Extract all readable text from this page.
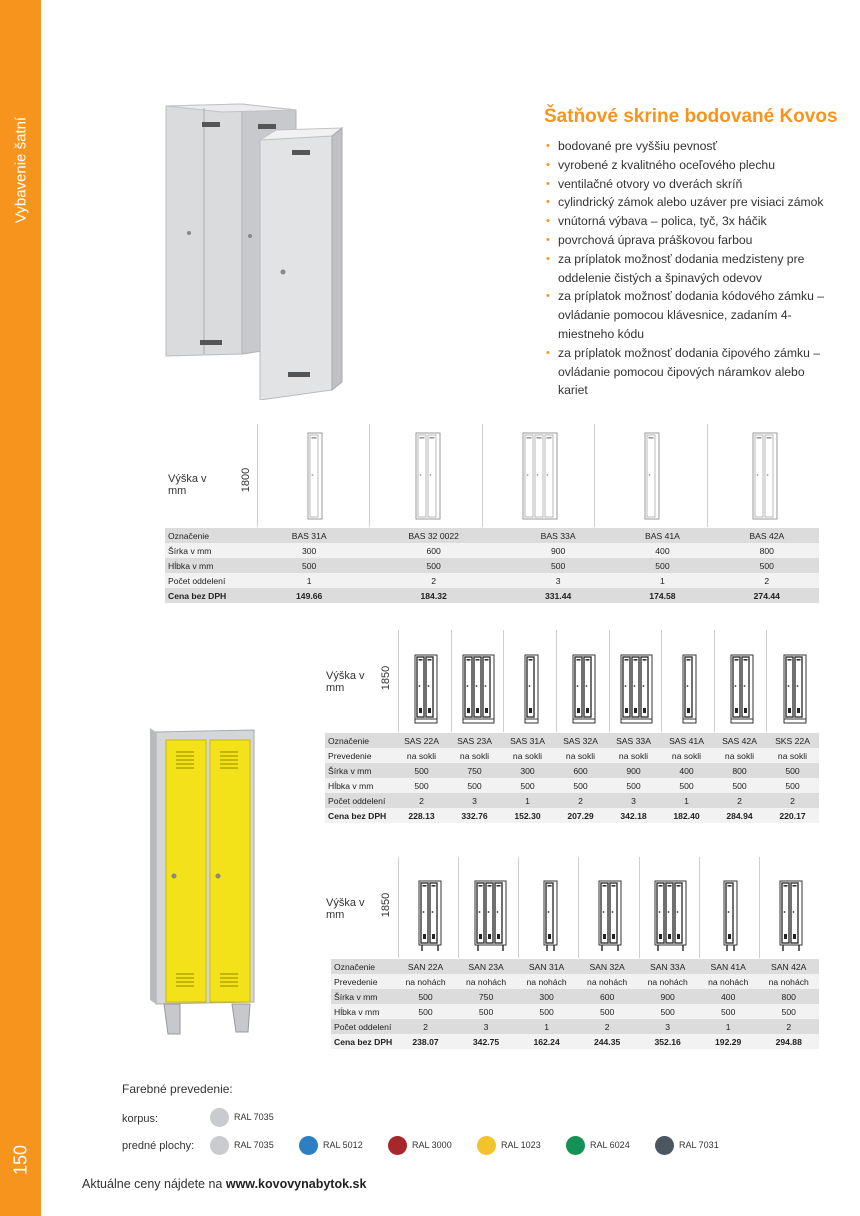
Vybavenie šatní
150
Šatňové skrine bodované Kovos
• bodované pre vyššiu pevnosť
• vyrobené z kvalitného oceľového plechu
• ventilačné otvory vo dverách skríň
• cylindrický zámok alebo uzáver pre visiaci zámok
• vnútorná výbava – polica, tyč, 3x háčik
• povrchová úprava práškovou farbou
• za príplatok možnosť dodania medzisteny pre oddelenie čistých a špinavých odevov
• za príplatok možnosť dodania kódového zámku – ovládanie pomocou klávesnice, zadaním 4-miestneho kódu
• za príplatok možnosť dodania čipového zámku – ovládanie pomocou čipových náramkov alebo kariet
Výška v mm	1800
Označenie	BAS 31A	BAS 32 0022	BAS 33A	BAS 41A	BAS 42A
Šírka v mm	300	600	900	400	800
Hĺbka v mm	500	500	500	500	500
Počet oddelení	1	2	3	1	2
Cena bez DPH	149.66	184.32	331.44	174.58	274.44
Výška v mm	1850
Označenie	SAS 22A	SAS 23A	SAS 31A	SAS 32A	SAS 33A	SAS 41A	SAS 42A	SKS 22A
Prevedenie	na sokli	na sokli	na sokli	na sokli	na sokli	na sokli	na sokli	na sokli
Šírka v mm	500	750	300	600	900	400	800	500
Hĺbka v mm	500	500	500	500	500	500	500	500
Počet oddelení	2	3	1	2	3	1	2	2
Cena bez DPH	228.13	332.76	152.30	207.29	342.18	182.40	284.94	220.17
Výška v mm	1850
Označenie	SAN 22A	SAN 23A	SAN 31A	SAN 32A	SAN 33A	SAN 41A	SAN 42A
Prevedenie	na nohách	na nohách	na nohách	na nohách	na nohách	na nohách	na nohách
Šírka v mm	500	750	300	600	900	400	800
Hĺbka v mm	500	500	500	500	500	500	500
Počet oddelení	2	3	1	2	3	1	2
Cena bez DPH	238.07	342.75	162.24	244.35	352.16	192.29	294.88
Farebné prevedenie:
korpus:
predné plochy:
RAL 7035
RAL 7035	RAL 5012	RAL 3000	RAL 1023	RAL 6024	RAL 7031
Aktuálne ceny nájdete na www.kovovynabytok.sk
